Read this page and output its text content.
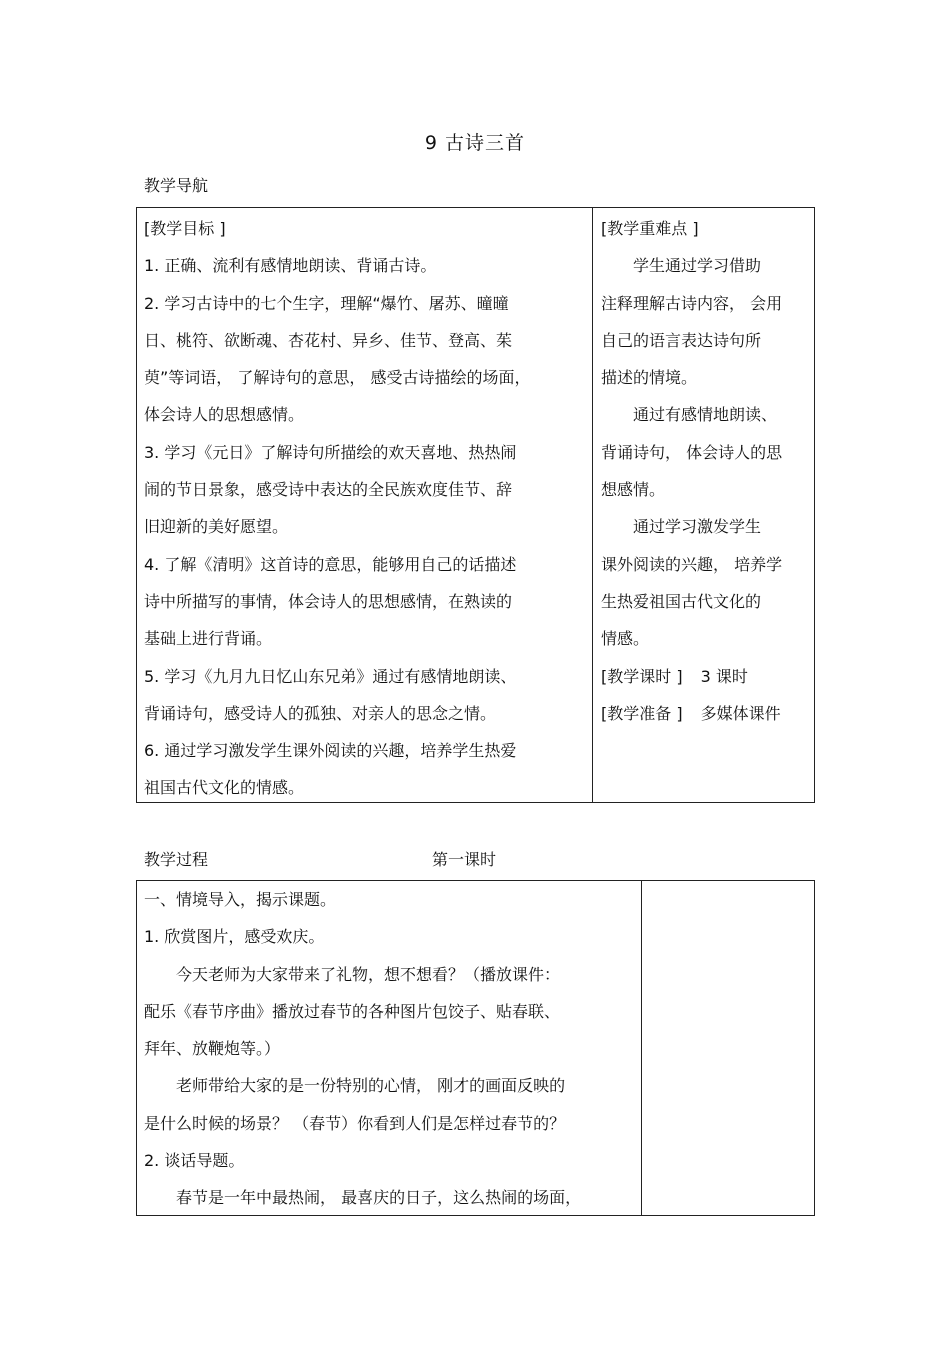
9 古诗三首
教学导航

[教学目标 ]

1. 正确、流利有感情地朗读、背诵古诗。

2. 学习古诗中的七个生字，理解“爆竹、屠苏、曈曈

日、桃符、欲断魂、杏花村、异乡、佳节、登高、茱

萸”等词语， 了解诗句的意思， 感受古诗描绘的场面，

体会诗人的思想感情。

3. 学习《元日》了解诗句所描绘的欢天喜地、热热闹

闹的节日景象，感受诗中表达的全民族欢度佳节、辞

旧迎新的美好愿望。

4. 了解《清明》这首诗的意思，能够用自己的话描述

诗中所描写的事情，体会诗人的思想感情，在熟读的

基础上进行背诵。

5. 学习《九月九日忆山东兄弟》通过有感情地朗读、

背诵诗句，感受诗人的孤独、对亲人的思念之情。

6. 通过学习激发学生课外阅读的兴趣，培养学生热爱

祖国古代文化的情感。

[教学重难点 ]

学生通过学习借助

注释理解古诗内容， 会用

自己的语言表达诗句所

描述的情境。

通过有感情地朗读、

背诵诗句， 体会诗人的思

想感情。

通过学习激发学生

课外阅读的兴趣， 培养学

生热爱祖国古代文化的

情感。

[教学课时 ] 3 课时

[教学准备 ] 多媒体课件

教学过程	第一课时

一、情境导入，揭示课题。

1. 欣赏图片，感受欢庆。

今天老师为大家带来了礼物，想不想看？（播放课件：

配乐《春节序曲》播放过春节的各种图片包饺子、贴春联、

拜年、放鞭炮等。）

老师带给大家的是一份特别的心情， 刚才的画面反映的

是什么时候的场景？ （春节）你看到人们是怎样过春节的？

2. 谈话导题。

春节是一年中最热闹， 最喜庆的日子，这么热闹的场面，
